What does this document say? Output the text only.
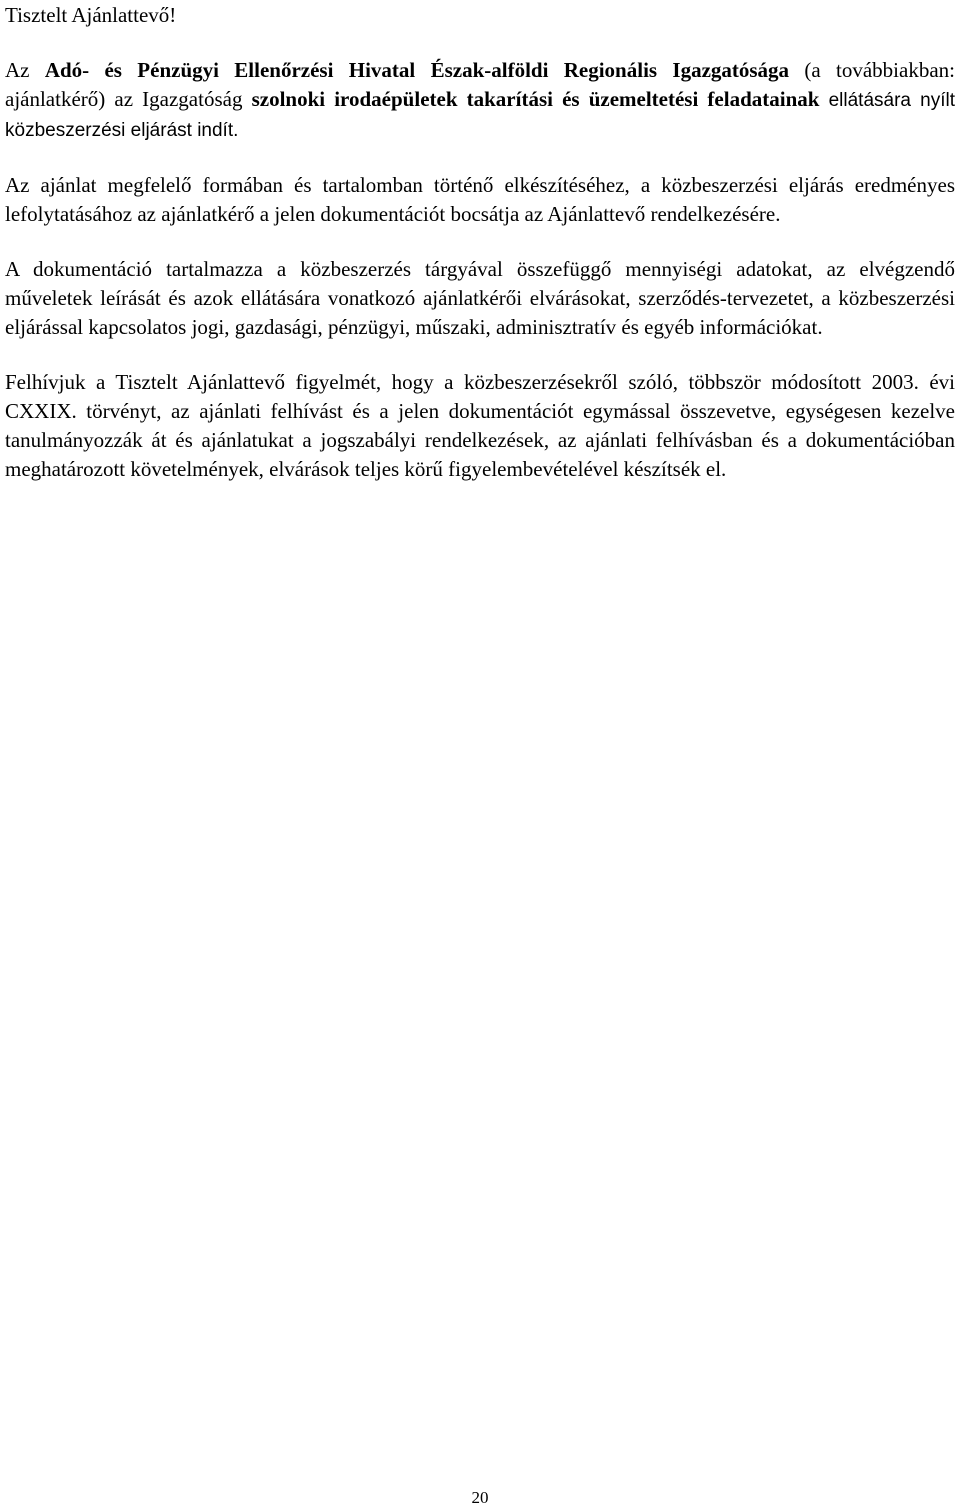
Tisztelt Ajánlattevő!

Az Adó- és Pénzügyi Ellenőrzési Hivatal Észak-alföldi Regionális Igazgatósága (a továbbiakban: ajánlatkérő) az Igazgatóság szolnoki irodaépületek takarítási és üzemeltetési feladatainak ellátására nyílt közbeszerzési eljárást indít.

Az ajánlat megfelelő formában és tartalomban történő elkészítéséhez, a közbeszerzési eljárás eredményes lefolytatásához az ajánlatkérő a jelen dokumentációt bocsátja az Ajánlattevő rendelkezésére.

A dokumentáció tartalmazza a közbeszerzés tárgyával összefüggő mennyiségi adatokat, az elvégzendő műveletek leírását és azok ellátására vonatkozó ajánlatkérői elvárásokat, szerződés-tervezetet, a közbeszerzési eljárással kapcsolatos jogi, gazdasági, pénzügyi, műszaki, adminisztratív és egyéb információkat.

Felhívjuk a Tisztelt Ajánlattevő figyelmét, hogy a közbeszerzésekről szóló, többször módosított 2003. évi CXXIX. törvényt, az ajánlati felhívást és a jelen dokumentációt egymással összevetve, egységesen kezelve tanulmányozzák át és ajánlatukat a jogszabályi rendelkezések, az ajánlati felhívásban és a dokumentációban meghatározott követelmények, elvárások teljes körű figyelembevételével készítsék el.

20
